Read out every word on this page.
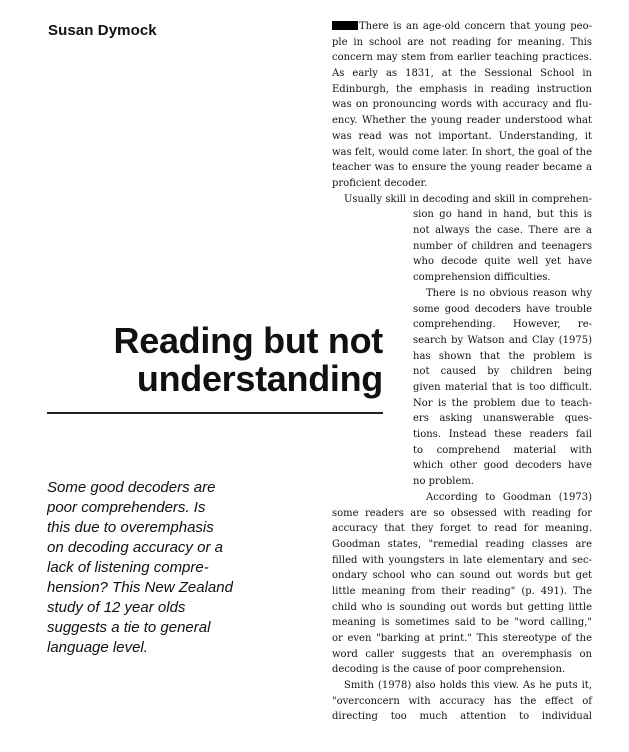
Susan Dymock
Reading but not
understanding
Some good decoders are
poor comprehenders. Is
this due to overemphasis
on decoding accuracy or a
lack of listening compre-
hension? This New Zealand
study of 12 year olds
suggests a tie to general
language level.
There is an age-old concern that young peo-
ple in school are not reading for meaning. This
concern may stem from earlier teaching practices.
As early as 1831, at the Sessional School in
Edinburgh, the emphasis in reading instruction
was on pronouncing words with accuracy and flu-
ency. Whether the young reader understood what
was read was not important. Understanding, it
was felt, would come later. In short, the goal of the
teacher was to ensure the young reader became a
proficient decoder.
Usually skill in decoding and skill in comprehen-
sion go hand in hand, but this is
not always the case. There are a
number of children and teenagers
who decode quite well yet have
comprehension difficulties.
There is no obvious reason why
some good decoders have trouble
comprehending. However, re-
search by Watson and Clay (1975)
has shown that the problem is
not caused by children being
given material that is too difficult.
Nor is the problem due to teach-
ers asking unanswerable ques-
tions. Instead these readers fail
to comprehend material with
which other good decoders have
no problem.
According to Goodman (1973)
some readers are so obsessed with reading for
accuracy that they forget to read for meaning.
Goodman states, "remedial reading classes are
filled with youngsters in late elementary and sec-
ondary school who can sound out words but get
little meaning from their reading" (p. 491). The
child who is sounding out words but getting little
meaning is sometimes said to be "word calling,"
or even "barking at print." This stereotype of the
word caller suggests that an overemphasis on
decoding is the cause of poor comprehension.
Smith (1978) also holds this view. As he puts it,
"overconcern with accuracy has the effect of
directing too much attention to individual
